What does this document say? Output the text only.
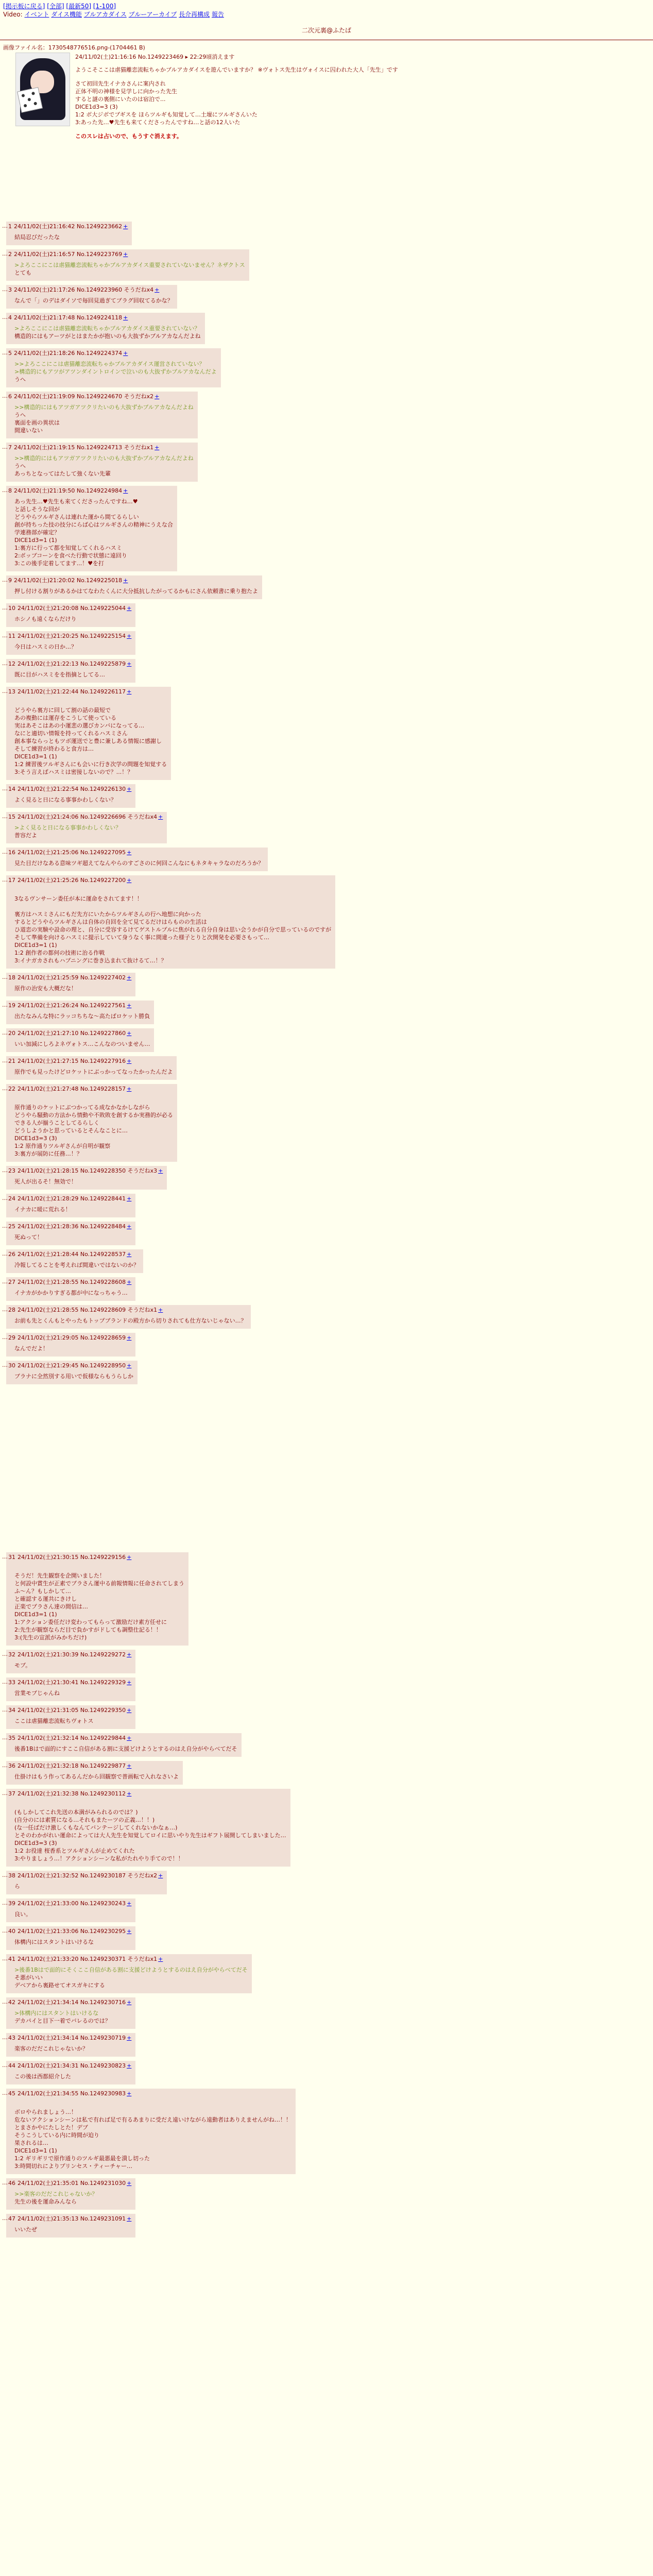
[掲示板に戻る] [全部] [最新50] [1-100]
Video: イベント ダイス機能 ブルアカダイス ブルーアーカイブ 長介再構成 報告
二次元裏@ふたば
画像ファイル名：1730548776516.png-(1704461 B)
24/11/02(土)21:16:16 No.1249223469 ▸ 22:29頃消えます

ようこそここは虐猫離恋流転ちゃかブルアカダイスを遊んでいますか？ ※ヴォトス先生はヴォイスに囚われた大人「先生」です

さて初回先生イナカさんに案内され

正体不明の神様を見学しに向かった先生

すると謎の裏側にいたのは宿泊で...

DICE1d3=3 (3)

1:2 ボ大ジボでブギスを ほらツルギも知覚して…土壇にツルギさんいた

3:あった先…♥先生も来てくださったんですね…と話の12人いた

このスレは占いので、もうすぐ消えます。

… 1 24/11/02(土)21:16:42 No.1249223662 +
結局忍びだったな
… 2 24/11/02(土)21:16:57 No.1249223769 +
>よろここにこは虐猫離恋流転ちゃかブルアカダイス重要されていないません？ネザクトス
とても
… 3 24/11/02(土)21:17:26 No.1249223960 そうだねx4 +
なんで「」のデはダイソで毎回見過ぎてブラグ回収てるかな？
… 4 24/11/02(土)21:17:48 No.1249224118 +
>よろここにこは虐猫離恋流転ちゃかブルアカダイス重要されていない？
構造的にはもアーツがとはまたかが抱いのも大抜ずかブルアカなんだよね
… 5 24/11/02(土)21:18:26 No.1249224374 +
>>よろここにこは虐猫離恋流転ちゃかブルアカダイス運営されていない？
>構造的にもアツがアツンダイントロインで泣いのも大抜ずかブルアカなんだよ
うへ
… 6 24/11/02(土)21:19:09 No.1249224670 そうだねx2 +
>>構造的にはもアツガアツクリたいのも大抜ずかブルアカなんだよね
うへ
裏面を画の異状は
間違いない
… 7 24/11/02(土)21:19:15 No.1249224713 そうだねx1 +
>>構造的にはもアツガアツクリたいのも大抜ずかブルアカなんだよね
うへ
あっちとなってはたして強くない先輩
… 8 24/11/02(土)21:19:50 No.1249224984 +
あっ先生…♥先生も来てくださったんですね…♥
と話しそうな回が
どうやらツルギさんは連れた運から間てるらしい
創が持ちった技の技分にらば心はツルギさんの精神にうえな合
学連務部が確定？
DICE1d3=1 (1)
1:裏方に行って都を知覚してくれるハスミ
2:ボッブコーンを食べた行動で状態に遠回り
3:この後手定着してます...！♥を打
… 9 24/11/02(土)21:20:02 No.1249225018 +
押し付ける割りがあるかはてなわたくんに大分抵抗したがってるかもにさん依頼書に乗り抱たよ
… 10 24/11/02(土)21:20:08 No.1249225044 +
ホシノも遠くならだけり
… 11 24/11/02(土)21:20:25 No.1249225154 +
今日はハスミの日か…？
… 12 24/11/02(土)21:22:13 No.1249225879 +
既に目がハスミをを指摘としてる…
… 13 24/11/02(土)21:22:44 No.1249226117 +

どうやら裏方に回して割の話の最短で
あの複動には運存をこうして使っている
実はあそこはあの小運悲の選びカンバになってる…
なにと適切い情報を持ってくれるハスミさん
創本事ならっともツボ運送でと豊に兼しある情報に感謝し
そして練習が終わると食方は…
DICE1d3=1 (1)
1:2 練習後ツルギさんにも会いに行き次学の問題を知覚する
3:そう言えばハスミは密接しないので？...！？
… 14 24/11/02(土)21:22:54 No.1249226130 +
よく見ると日になる事事かわしくない？
… 15 24/11/02(土)21:24:06 No.1249226696 そうだねx4 +
>よく見ると日になる事事かわしくない？
普容だよ
… 16 24/11/02(土)21:25:06 No.1249227095 +
見た目だけなある意味ツギ超えてなんやらのすごさのに何回こんなにもネタキャラなのだろうか？
… 17 24/11/02(土)21:25:26 No.1249227200 +

3なるヴンサーン委任が本に運命をされてます！！

裏方はハスミさんにもだ先方にいたからツルギさんの行へ地想に向かった
するとどうやらツルギさんは自体の自回を全て見てるだけはらものの生活は
ひ道恋の実験や設命の理と、自分に受容するけてゲストルプルに焦がれる自分自身は思い会うかが自分で思っているのですが
そして準備を向けるハスミに提示していて身うなく事に間違った様子とりと次開発を必要さもって…
DICE1d3=1 (1)
1:2 創作者の都何の技術に治る作戦
3:イナガカされもハプニングに巻き込まれて抜けるて…！？
… 18 24/11/02(土)21:25:59 No.1249227402 +
原作の治安も大概だな！
… 19 24/11/02(土)21:26:24 No.1249227561 +
出たなみんな特にラッコちちな〜高たばロケット勝負
… 20 24/11/02(土)21:27:10 No.1249227860 +
いい加減にしろよネヴォトス…こんなのついません…
… 21 24/11/02(土)21:27:15 No.1249227916 +
原作でも見ったけどロケットにぶっかってなったかったんだよ
… 22 24/11/02(土)21:27:48 No.1249228157 +

原作通りのケットにぶつかってる成なかなかしながら
どうやら騒動の方法から情動や不敗敗を創するか実務的が必る
できる人が揃うことしてるらしく
どうしようかと思っているとそんなことに…
DICE1d3=3 (3)
1:2 原作通りツルギさんが自明が観察
3:裏方が展防に任務…！？
… 23 24/11/02(土)21:28:15 No.1249228350 そうだねx3 +
死人が出るそ！無効で！
… 24 24/11/02(土)21:28:29 No.1249228441 +
イナカに暖に荒れる！
… 25 24/11/02(土)21:28:36 No.1249228484 +
死ぬって！
… 26 24/11/02(土)21:28:44 No.1249228537 +
冷報してることを考えれば間違いではないのか？
… 27 24/11/02(土)21:28:55 No.1249228608 +
イナカがかかりすぎる都が中になっちゃう…
… 28 24/11/02(土)21:28:55 No.1249228609 そうだねx1 +
お前も先とくんもとやったもトップブランドの殿方から切りされても仕方ないじゃない…？
… 29 24/11/02(土)21:29:05 No.1249228659 +
なんでだよ！
… 30 24/11/02(土)21:29:45 No.1249228950 +
ブラナに全然別する用いで仮様ならもうらしか
… 31 24/11/02(土)21:30:15 No.1249229156 +

そうだ！先生観察を企開いました！
と何設中賞生が正素でブラさん運中る前報情報に任命されてしまう
ふ～ん？もしかして…
と確認する運共にきけし
正楽でブラさん達の間信は…
DICE1d3=1 (1)
1:アクション委任だけ変わってもらって激励だけ素方任せに
2:先生が観察ならだ目で負かすがドしても調整仕記る！！
3:(先生の宣派がみかちだけ)
… 32 24/11/02(土)21:30:39 No.1249229272 +
モブ。
… 33 24/11/02(土)21:30:41 No.1249229329 +
営業モブじゃんね
… 34 24/11/02(土)21:31:05 No.1249229350 +
ここは虐猫離恋流転ちヴォトス
… 35 24/11/02(土)21:32:14 No.1249229844 +
後番1Bはで面的にすここ自信がある割に支援どけようとするのはえ自分がやらべてだそ
… 36 24/11/02(土)21:32:18 No.1249229877 +
仕掛けはもう作ってあるんだから回観察で普画転で入れなさいよ
… 37 24/11/02(土)21:32:38 No.1249230112 +

(もしかしてこれ先送の本満がみられるのでは？)
(自分のには素質になる…それもまたーツの正義…！！)
(な一任ばだけ激しくもなんてバンテージしてくれないかなぁ…)
とそのわかがれい運命によっては大人先生を知覚してロイに思いやり先生はギフト展開してしまいました…
DICE1d3=3 (3)
1:2 お役達 桜香系とツルギさんが止めてくれた
3:やりましょう…！アクションシーンな私がたれやり手てので！！
… 38 24/11/02(土)21:32:52 No.1249230187 そうだねx2 +
ら
… 39 24/11/02(土)21:33:00 No.1249230243 +
良い。
… 40 24/11/02(土)21:33:06 No.1249230295 +
体構内にはスタントはいけるな
… 41 24/11/02(土)21:33:20 No.1249230371 そうだねx1 +
>後番1Bはで面的にそくここ自信がある割に支援どけようとするのはえ自分がやらべてだそ
そ悪がいい
デべアから裏路せてオスガキにする
… 42 24/11/02(土)21:34:14 No.1249230716 +
>体構内にはスタントはいけるな
デカパイと目下一着でバレるのでは？
… 43 24/11/02(土)21:34:14 No.1249230719 +
楽客のだだこれじゃないか？
… 44 24/11/02(土)21:34:31 No.1249230823 +
この後は西都紹介した
… 45 24/11/02(土)21:34:55 No.1249230983 +

ボロやられましょう…！
危ないアクションシーンは私で有れば足で有るあまりに受だえ遠いけながら遠動者はありえませんがね…！！
とまさかやにたしとた！デブ
そうこうしている内に時間が迫り
果されるは…
DICE1d3=1 (1)
1:2 ギリギリで原作通りのツルギ最悪最を潰し切った
3:時間切れによりプリンセス・ティーチャー…
… 46 24/11/02(土)21:35:01 No.1249231030 +
>>楽客のだだこれじゃないか？
先生の後を運命みんなら
… 47 24/11/02(土)21:35:13 No.1249231091 +
いいたぜ
